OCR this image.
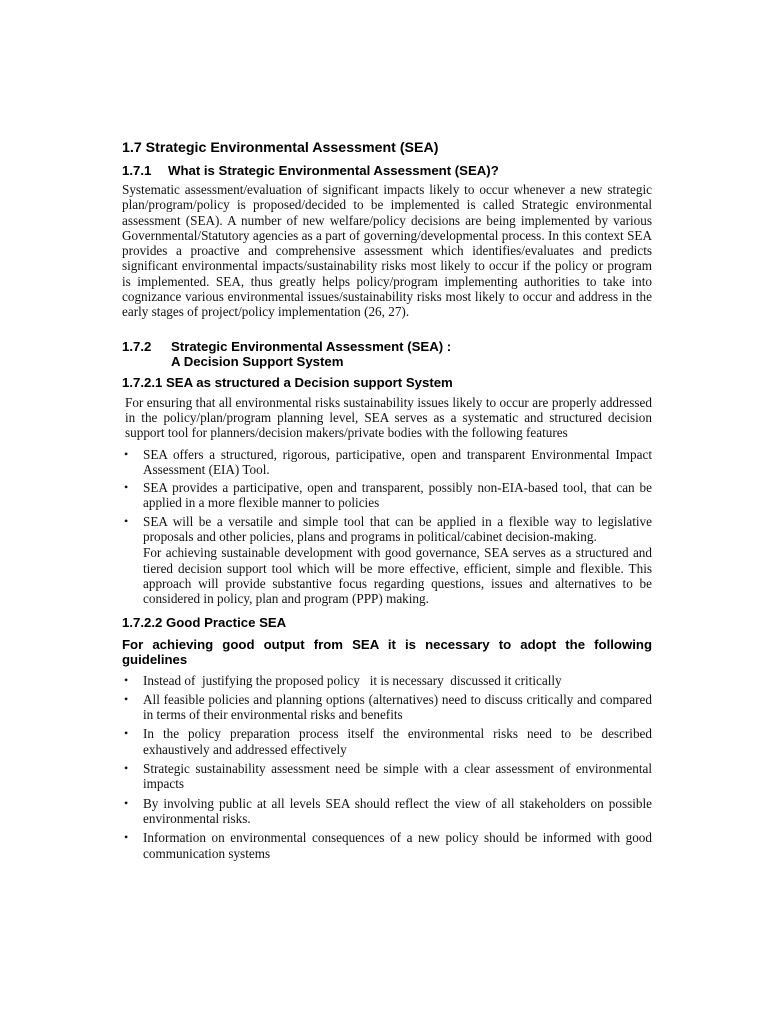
1.7 Strategic Environmental Assessment (SEA)
1.7.1 What is Strategic Environmental Assessment (SEA)?

Systematic assessment/evaluation of significant impacts likely to occur whenever a new strategic plan/program/policy is proposed/decided to be implemented is called Strategic environmental assessment (SEA). A number of new welfare/policy decisions are being implemented by various Governmental/Statutory agencies as a part of governing/developmental process. In this context SEA provides a proactive and comprehensive assessment which identifies/evaluates and predicts significant environmental impacts/sustainability risks most likely to occur if the policy or program is implemented. SEA, thus greatly helps policy/program implementing authorities to take into cognizance various environmental issues/sustainability risks most likely to occur and address in the early stages of project/policy implementation (26, 27).

1.7.2	Strategic Environmental Assessment (SEA) :
A Decision Support System
1.7.2.1 SEA as structured a Decision support System

For ensuring that all environmental risks sustainability issues likely to occur are properly addressed in the policy/plan/program planning level, SEA serves as a systematic and structured decision support tool for planners/decision makers/private bodies with the following features

• SEA offers a structured, rigorous, participative, open and transparent Environmental Impact Assessment (EIA) Tool.
• SEA provides a participative, open and transparent, possibly non-EIA-based tool, that can be applied in a more flexible manner to policies
• SEA will be a versatile and simple tool that can be applied in a flexible way to legislative proposals and other policies, plans and programs in political/cabinet decision-making.

For achieving sustainable development with good governance, SEA serves as a structured and tiered decision support tool which will be more effective, efficient, simple and flexible. This approach will provide substantive focus regarding questions, issues and alternatives to be considered in policy, plan and program (PPP) making.

1.7.2.2 Good Practice SEA

For achieving good output from SEA it is necessary to adopt the following guidelines

• Instead of  justifying the proposed policy   it is necessary  discussed it critically
• All feasible policies and planning options (alternatives) need to discuss critically and compared in terms of their environmental risks and benefits
• In the policy preparation process itself the environmental risks need to be described exhaustively and addressed effectively
• Strategic sustainability assessment need be simple with a clear assessment of environmental impacts
• By involving public at all levels SEA should reflect the view of all stakeholders on possible environmental risks.
• Information on environmental consequences of a new policy should be informed with good communication systems
